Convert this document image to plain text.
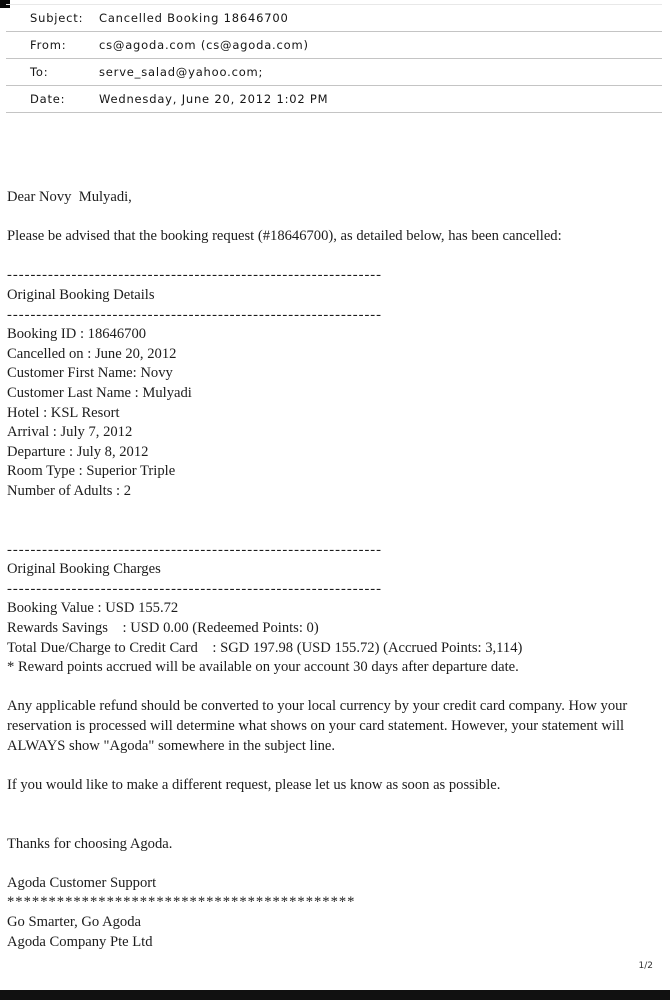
Subject:	Cancelled Booking 18646700
From:	cs@agoda.com (cs@agoda.com)
To:	serve_salad@yahoo.com;
Date:	Wednesday, June 20, 2012 1:02 PM
Dear Novy  Mulyadi,

Please be advised that the booking request (#18646700), as detailed below, has been cancelled:

----------------------------------------------------------------
Original Booking Details
----------------------------------------------------------------
Booking ID : 18646700
Cancelled on : June 20, 2012
Customer First Name: Novy
Customer Last Name : Mulyadi
Hotel : KSL Resort
Arrival : July 7, 2012
Departure : July 8, 2012
Room Type : Superior Triple
Number of Adults : 2

----------------------------------------------------------------
Original Booking Charges
----------------------------------------------------------------
Booking Value : USD 155.72
Rewards Savings    : USD 0.00 (Redeemed Points: 0)
Total Due/Charge to Credit Card    : SGD 197.98 (USD 155.72) (Accrued Points: 3,114)
* Reward points accrued will be available on your account 30 days after departure date.

Any applicable refund should be converted to your local currency by your credit card company. How your
reservation is processed will determine what shows on your card statement. However, your statement will
ALWAYS show "Agoda" somewhere in the subject line.

If you would like to make a different request, please let us know as soon as possible.

Thanks for choosing Agoda.

Agoda Customer Support
******************************************
Go Smarter, Go Agoda
Agoda Company Pte Ltd
1/2
